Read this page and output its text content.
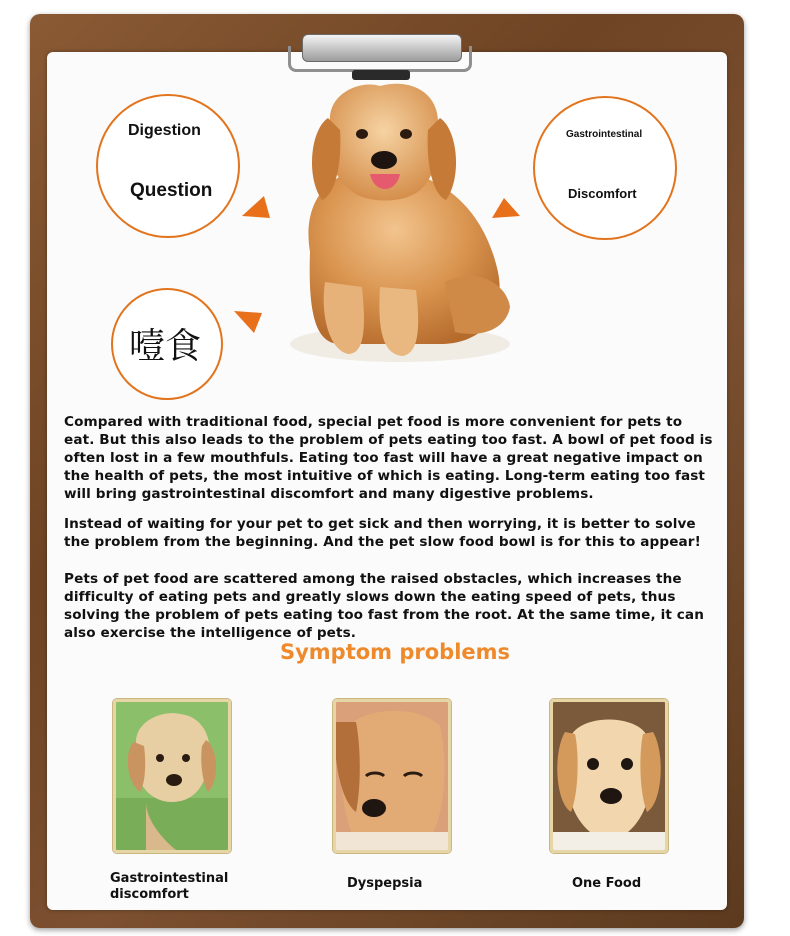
Digestion
Question
Gastrointestinal
Discomfort
噎食
Compared with traditional food, special pet food is more convenient for pets to eat. But this also leads to the problem of pets eating too fast. A bowl of pet food is often lost in a few mouthfuls. Eating too fast will have a great negative impact on the health of pets, the most intuitive of which is eating. Long-term eating too fast will bring gastrointestinal discomfort and many digestive problems.
Instead of waiting for your pet to get sick and then worrying, it is better to solve the problem from the beginning. And the pet slow food bowl is for this to appear!
Pets of pet food are scattered among the raised obstacles, which increases the difficulty of eating pets and greatly slows down the eating speed of pets, thus solving the problem of pets eating too fast from the root. At the same time, it can also exercise the intelligence of pets.
Symptom problems
Gastrointestinal discomfort
Dyspepsia	One Food
